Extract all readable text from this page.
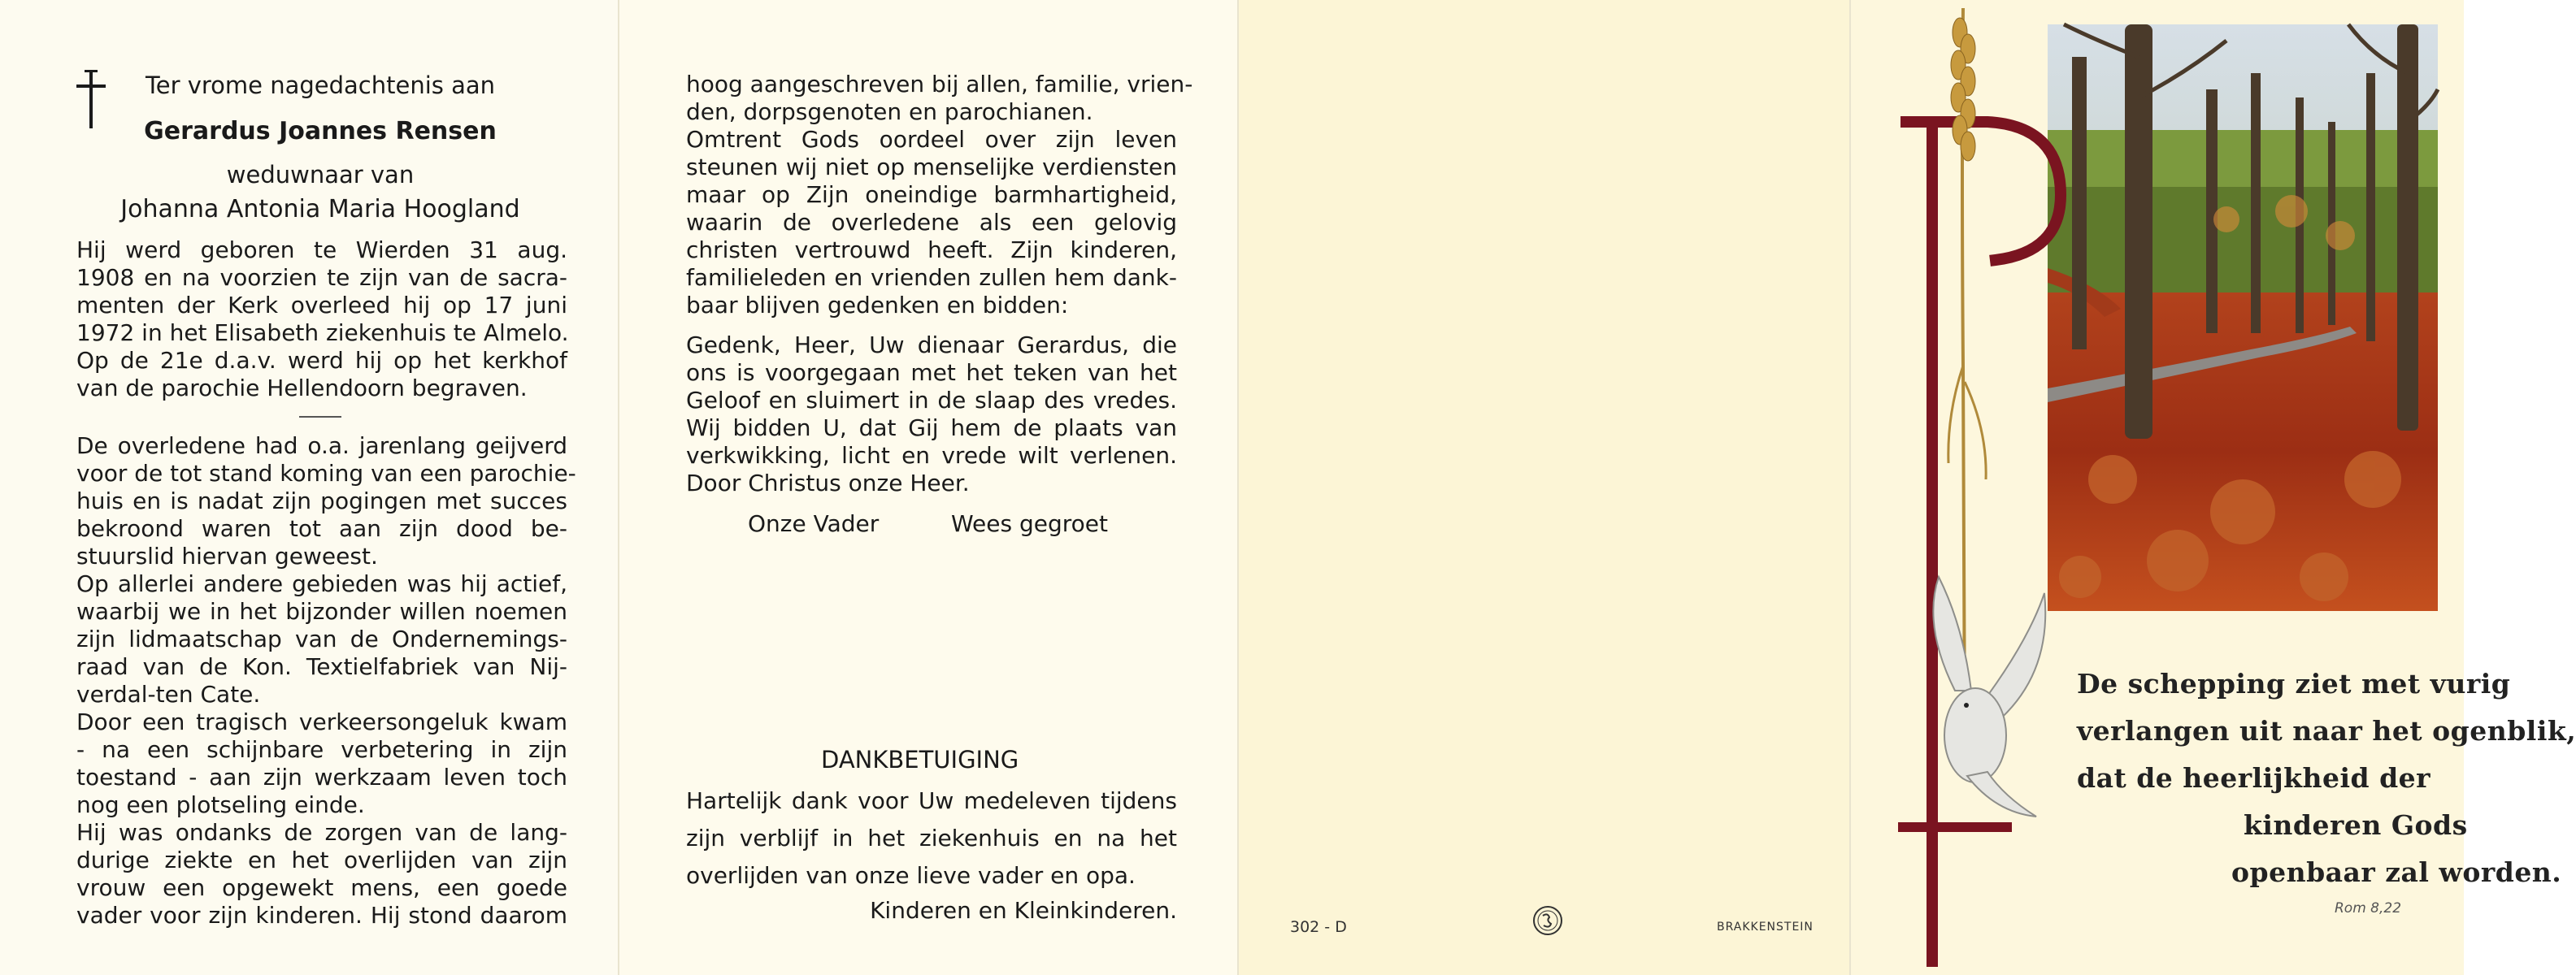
Ter vrome nagedachtenis aan
Gerardus Joannes Rensen
weduwnaar van
Johanna Antonia Maria Hoogland
Hij werd geboren te Wierden 31 aug.
1908 en na voorzien te zijn van de sacra-
menten der Kerk overleed hij op 17 juni
1972 in het Elisabeth ziekenhuis te Almelo.
Op de 21e d.a.v. werd hij op het kerkhof
van de parochie Hellendoorn begraven.
De overledene had o.a. jarenlang geijverd
voor de tot stand koming van een parochie-
huis en is nadat zijn pogingen met succes
bekroond waren tot aan zijn dood be-
stuurslid hiervan geweest.
Op allerlei andere gebieden was hij actief,
waarbij we in het bijzonder willen noemen
zijn lidmaatschap van de Ondernemings-
raad van de Kon. Textielfabriek van Nij-
verdal-ten Cate.
Door een tragisch verkeersongeluk kwam
- na een schijnbare verbetering in zijn
toestand - aan zijn werkzaam leven toch
nog een plotseling einde.
Hij was ondanks de zorgen van de lang-
durige ziekte en het overlijden van zijn
vrouw een opgewekt mens, een goede
vader voor zijn kinderen. Hij stond daarom
hoog aangeschreven bij allen, familie, vrien-
den, dorpsgenoten en parochianen.
Omtrent Gods oordeel over zijn leven
steunen wij niet op menselijke verdiensten
maar op Zijn oneindige barmhartigheid,
waarin de overledene als een gelovig
christen vertrouwd heeft. Zijn kinderen,
familieleden en vrienden zullen hem dank-
baar blijven gedenken en bidden:
Gedenk, Heer, Uw dienaar Gerardus, die
ons is voorgegaan met het teken van het
Geloof en sluimert in de slaap des vredes.
Wij bidden U, dat Gij hem de plaats van
verkwikking, licht en vrede wilt verlenen.
Door Christus onze Heer.
Onze Vader	Wees gegroet
DANKBETUIGING
Hartelijk dank voor Uw medeleven tijdens
zijn verblijf in het ziekenhuis en na het
overlijden van onze lieve vader en opa.
Kinderen en Kleinkinderen.
302 - D	BRAKKENSTEIN
De schepping ziet met vurig
verlangen uit naar het ogenblik,
dat de heerlijkheid der
kinderen Gods
openbaar zal worden.
Rom 8,22
